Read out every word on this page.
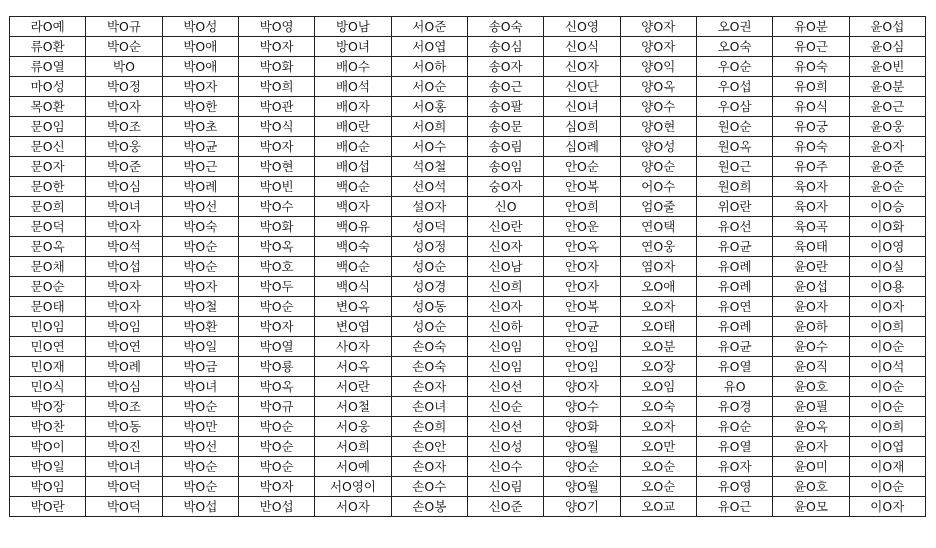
라O예	박O규	박O성	박O영	방O남	서O준	송O숙	신O영	양O자	오O권	유O분	윤O섭
류O환	박O순	박O애	박O자	방O녀	서O엽	송O심	신O식	양O자	오O숙	유O근	윤O심
류O열	박O	박O애	박O화	배O수	서O하	송O자	신O자	양O익	우O순	유O숙	윤O빈
마O성	박O정	박O자	박O희	배O석	서O순	송O근	신O단	양O옥	우O섭	유O희	윤O분
목O환	박O자	박O한	박O관	배O자	서O홍	송O팔	신O녀	양O수	우O삼	유O식	윤O근
문O임	박O조	박O초	박O식	배O란	서O희	송O문	심O희	양O현	원O순	유O궁	윤O웅
문O신	박O웅	박O균	박O자	배O순	서O수	송O림	심O례	양O성	원O옥	유O숙	윤O자
문O자	박O준	박O근	박O현	배O섭	석O철	송O임	안O순	양O순	원O근	유O주	윤O준
문O한	박O심	박O례	박O빈	백O순	선O석	숭O자	안O복	어O수	원O희	육O자	윤O순
문O희	박O녀	박O선	박O수	백O자	설O자	신O	안O희	엄O줄	위O란	육O자	이O승
문O덕	박O자	박O숙	박O화	백O유	성O덕	신O란	안O운	연O택	유O선	육O곡	이O화
문O옥	박O석	박O순	박O옥	백O숙	성O정	신O자	안O옥	연O웅	유O균	육O태	이O영
문O채	박O섭	박O순	박O호	백O순	성O순	신O남	안O자	염O자	유O례	윤O란	이O실
문O순	박O자	박O자	박O두	백O식	성O경	신O희	안O자	오O애	유O례	윤O섭	이O용
문O태	박O자	박O철	박O순	변O옥	성O동	신O자	안O복	오O자	유O연	윤O자	이O자
민O임	박O임	박O환	박O자	변O엽	성O순	신O하	안O균	오O태	유O례	윤O하	이O희
민O연	박O연	박O일	박O열	사O자	손O숙	신O임	안O임	오O분	유O균	윤O수	이O순
민O재	박O례	박O금	박O룡	서O옥	손O숙	신O임	안O임	오O장	유O열	윤O직	이O석
민O식	박O심	박O녀	박O옥	서O란	손O자	신O선	양O자	오O임	유O	윤O호	이O순
박O장	박O조	박O순	박O규	서O철	손O녀	신O순	양O수	오O숙	유O경	윤O필	이O순
박O찬	박O동	박O만	박O순	서O웅	손O희	신O선	양O화	오O자	유O순	윤O옥	이O희
박O이	박O진	박O선	박O순	서O희	손O안	신O성	양O월	오O만	유O열	윤O자	이O엽
박O일	박O녀	박O순	박O순	서O예	손O자	신O수	양O순	오O순	유O자	윤O미	이O재
박O임	박O덕	박O순	박O자	서O영이	손O수	신O림	양O월	오O순	유O영	윤O호	이O순
박O란	박O덕	박O섭	반O섭	서O자	손O봉	신O준	양O기	오O교	유O근	윤O모	이O자
